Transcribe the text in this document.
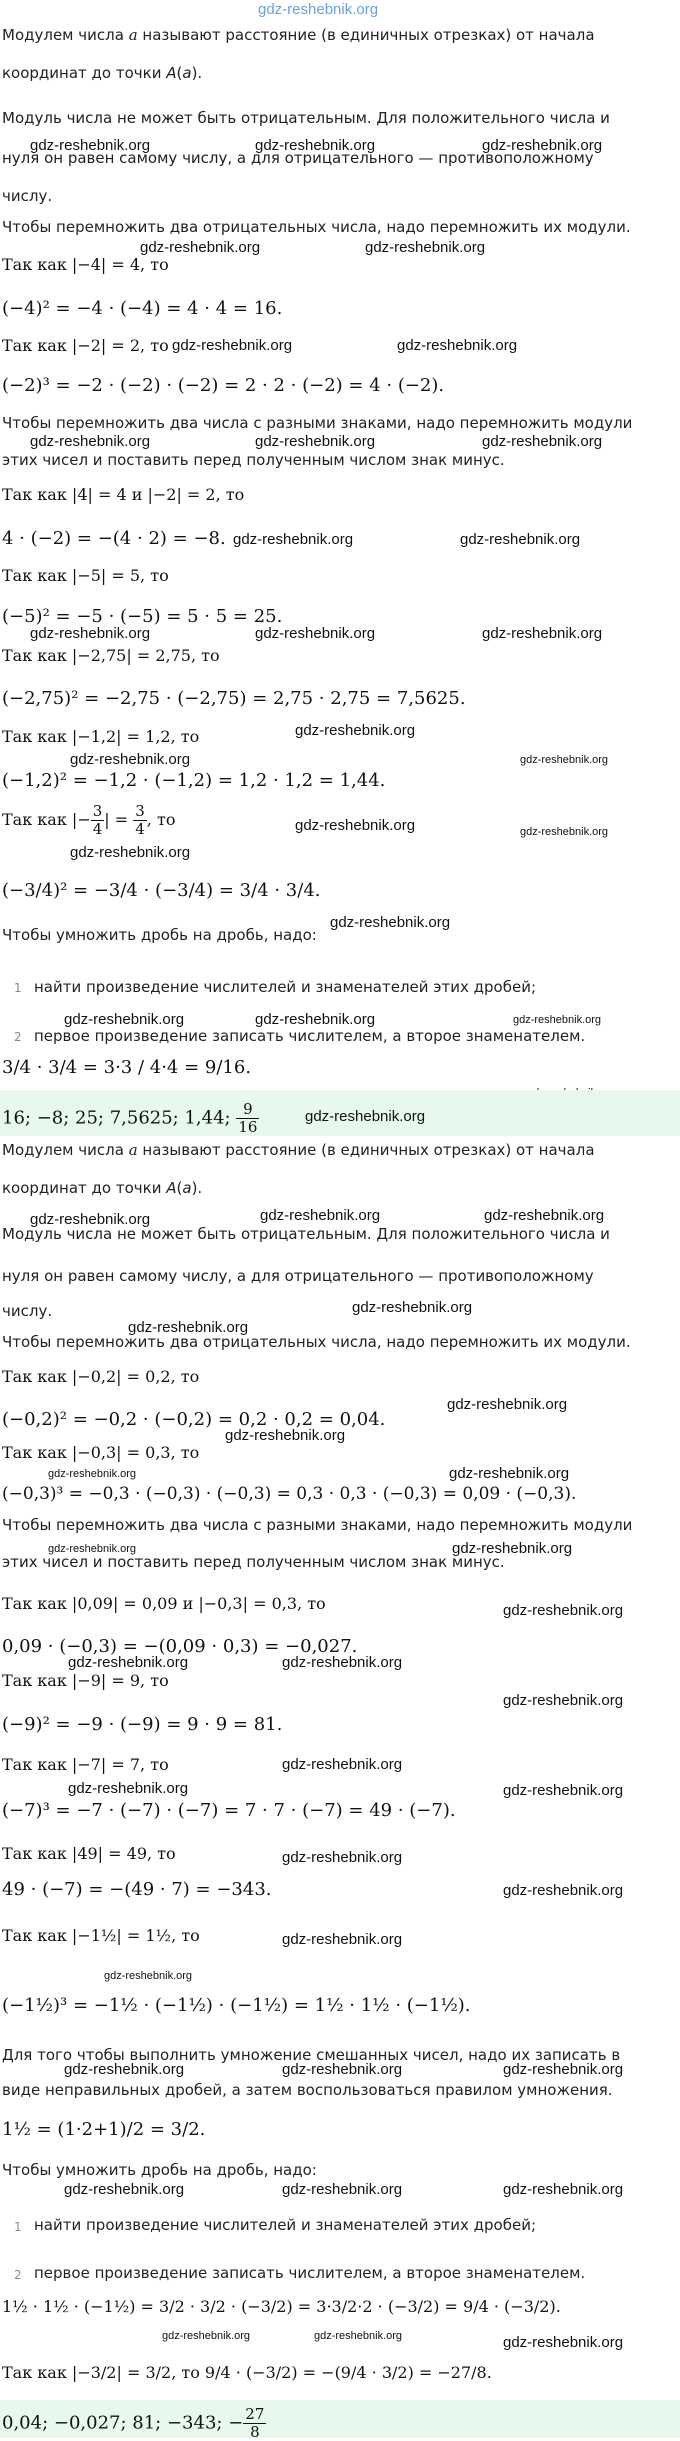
gdz-reshebnik.org
Модулем числа a называют расстояние (в единичных отрезках) от начала
координат до точки A(a).
Модуль числа не может быть отрицательным. Для положительного числа и
нуля он равен самому числу, а для отрицательного — противоположному
числу.
gdz-reshebnik.org	gdz-reshebnik.org	gdz-reshebnik.org
Чтобы перемножить два отрицательных числа, надо перемножить их модули.
gdz-reshebnik.org	gdz-reshebnik.org
Так как |−4| = 4, то
(−4)² = −4 · (−4) = 4 · 4 = 16.
Так как |−2| = 2, то gdz-reshebnik.org	gdz-reshebnik.org
(−2)³ = −2 · (−2) · (−2) = 2 · 2 · (−2) = 4 · (−2).
Чтобы перемножить два числа с разными знаками, надо перемножить модули
этих чисел и поставить перед полученным числом знак минус.
gdz-reshebnik.org	gdz-reshebnik.org	gdz-reshebnik.org
Так как |4| = 4 и |−2| = 2, то
4 · (−2) = −(4 · 2) = −8. gdz-reshebnik.org	gdz-reshebnik.org
Так как |−5| = 5, то
(−5)² = −5 · (−5) = 5 · 5 = 25.
gdz-reshebnik.org	gdz-reshebnik.org	gdz-reshebnik.org
Так как |−2,75| = 2,75, то
(−2,75)² = −2,75 · (−2,75) = 2,75 · 2,75 = 7,5625.
Так как |−1,2| = 1,2, то	gdz-reshebnik.org
gdz-reshebnik.org
gdz-reshebnik.org
(−1,2)² = −1,2 · (−1,2) = 1,2 · 1,2 = 1,44.
Так как |− $\frac{3}{4}$ | = $\frac{3}{4}$ , то	gdz-reshebnik.org	gdz-reshebnik.org
gdz-reshebnik.org
(−3/4)² = −3/4 · (−3/4) = 3/4 · 3/4.
Чтобы умножить дробь на дробь, надо:
gdz-reshebnik.org
1 найти произведение числителей и знаменателей этих дробей;
gdz-reshebnik.org	gdz-reshebnik.org	gdz-reshebnik.org
2 первое произведение записать числителем, а второе знаменателем.
3/4 · 3/4 = 3·3 / 4·4 = 9/16.
16; −8; 25; 7,5625; 1,44; $\frac{9}{16}$	gdz-reshebnik.org
Модулем числа a называют расстояние (в единичных отрезках) от начала
координат до точки A(a).
gdz-reshebnik.org	gdz-reshebnik.org	gdz-reshebnik.org
Модуль числа не может быть отрицательным. Для положительного числа и
нуля он равен самому числу, а для отрицательного — противоположному
числу.	gdz-reshebnik.org
gdz-reshebnik.org
Чтобы перемножить два отрицательных числа, надо перемножить их модули.
Так как |−0,2| = 0,2, то
gdz-reshebnik.org
(−0,2)² = −0,2 · (−0,2) = 0,2 · 0,2 = 0,04.
gdz-reshebnik.org
Так как |−0,3| = 0,3, то
gdz-reshebnik.org	gdz-reshebnik.org
(−0,3)³ = −0,3 · (−0,3) · (−0,3) = 0,3 · 0,3 · (−0,3) = 0,09 · (−0,3).
Чтобы перемножить два числа с разными знаками, надо перемножить модули
gdz-reshebnik.org	gdz-reshebnik.org
этих чисел и поставить перед полученным числом знак минус.
Так как |0,09| = 0,09 и |−0,3| = 0,3, то	gdz-reshebnik.org
0,09 · (−0,3) = −(0,09 · 0,3) = −0,027.
gdz-reshebnik.org	gdz-reshebnik.org
Так как |−9| = 9, то
gdz-reshebnik.org
(−9)² = −9 · (−9) = 9 · 9 = 81.
Так как |−7| = 7, то	gdz-reshebnik.org
gdz-reshebnik.org	gdz-reshebnik.org
(−7)³ = −7 · (−7) · (−7) = 7 · 7 · (−7) = 49 · (−7).
Так как |49| = 49, то	gdz-reshebnik.org
49 · (−7) = −(49 · 7) = −343.	gdz-reshebnik.org
Так как |−1½| = 1½, то	gdz-reshebnik.org
gdz-reshebnik.org
(−1½)³ = −1½ · (−1½) · (−1½) = 1½ · 1½ · (−1½).
Для того чтобы выполнить умножение смешанных чисел, надо их записать в
gdz-reshebnik.org	gdz-reshebnik.org	gdz-reshebnik.org
виде неправильных дробей, а затем воспользоваться правилом умножения.
1½ = (1·2+1)/2 = 3/2.
Чтобы умножить дробь на дробь, надо:
gdz-reshebnik.org	gdz-reshebnik.org	gdz-reshebnik.org
1 найти произведение числителей и знаменателей этих дробей;
2 первое произведение записать числителем, а второе знаменателем.
1½ · 1½ · (−1½) = 3/2 · 3/2 · (−3/2) = 3·3/2·2 · (−3/2) = 9/4 · (−3/2).
gdz-reshebnik.org	gdz-reshebnik.org	gdz-reshebnik.org
Так как |−3/2| = 3/2, то 9/4 · (−3/2) = −(9/4 · 3/2) = −27/8.
0,04; −0,027; 81; −343; − $\frac{27}{8}$
